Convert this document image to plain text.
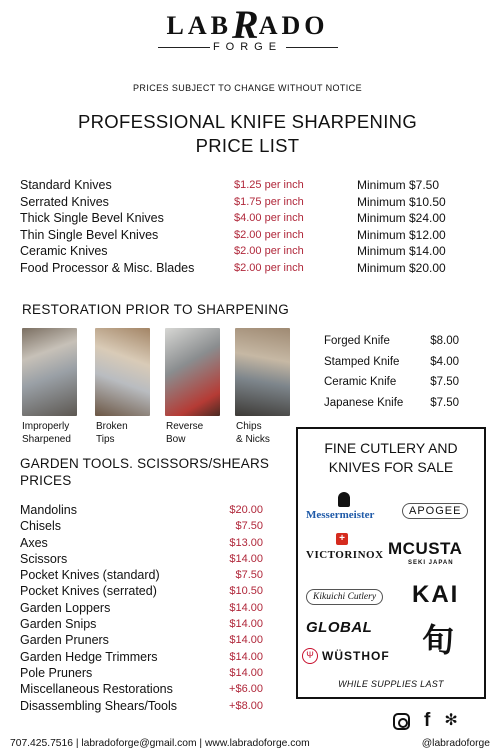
LABRADO
FORGE
PRICES SUBJECT TO CHANGE WITHOUT NOTICE
PROFESSIONAL KNIFE SHARPENING
PRICE LIST
Standard Knives	$1.25 per inch	Minimum $7.50
Serrated Knives	$1.75 per inch	Minimum $10.50
Thick Single Bevel Knives	$4.00 per inch	Minimum $24.00
Thin Single Bevel Knives	$2.00 per inch	Minimum $12.00
Ceramic Knives	$2.00 per inch	Minimum $14.00
Food Processor & Misc. Blades	$2.00 per inch	Minimum $20.00
RESTORATION PRIOR TO SHARPENING
Improperly
Sharpened
Broken
Tips
Reverse
Bow
Chips
& Nicks
Forged Knife	$8.00
Stamped Knife	$4.00
Ceramic Knife	$7.50
Japanese Knife $7.50
GARDEN TOOLS. SCISSORS/SHEARS
PRICES
Mandolins	$20.00
Chisels	$7.50
Axes	$13.00
Scissors	$14.00
Pocket Knives (standard)	$7.50
Pocket Knives (serrated)	$10.50
Garden Loppers	$14.00
Garden Snips	$14.00
Garden Pruners	$14.00
Garden Hedge Trimmers	$14.00
Pole Pruners	$14.00
Miscellaneous Restorations	+$6.00
Disassembling Shears/Tools	+$8.00
FINE CUTLERY AND
KNIVES FOR SALE
Messermeister	APOGEE
+
VICTORINOX MCUSTA
SEKI JAPAN
Kikuichi Cutlery KAI
GLOBAL 旬
Ψ WÜSTHOF
WHILE SUPPLIES LAST
f ✻
707.425.7516 | labradoforge@gmail.com | www.labradoforge.com	@labradoforge
